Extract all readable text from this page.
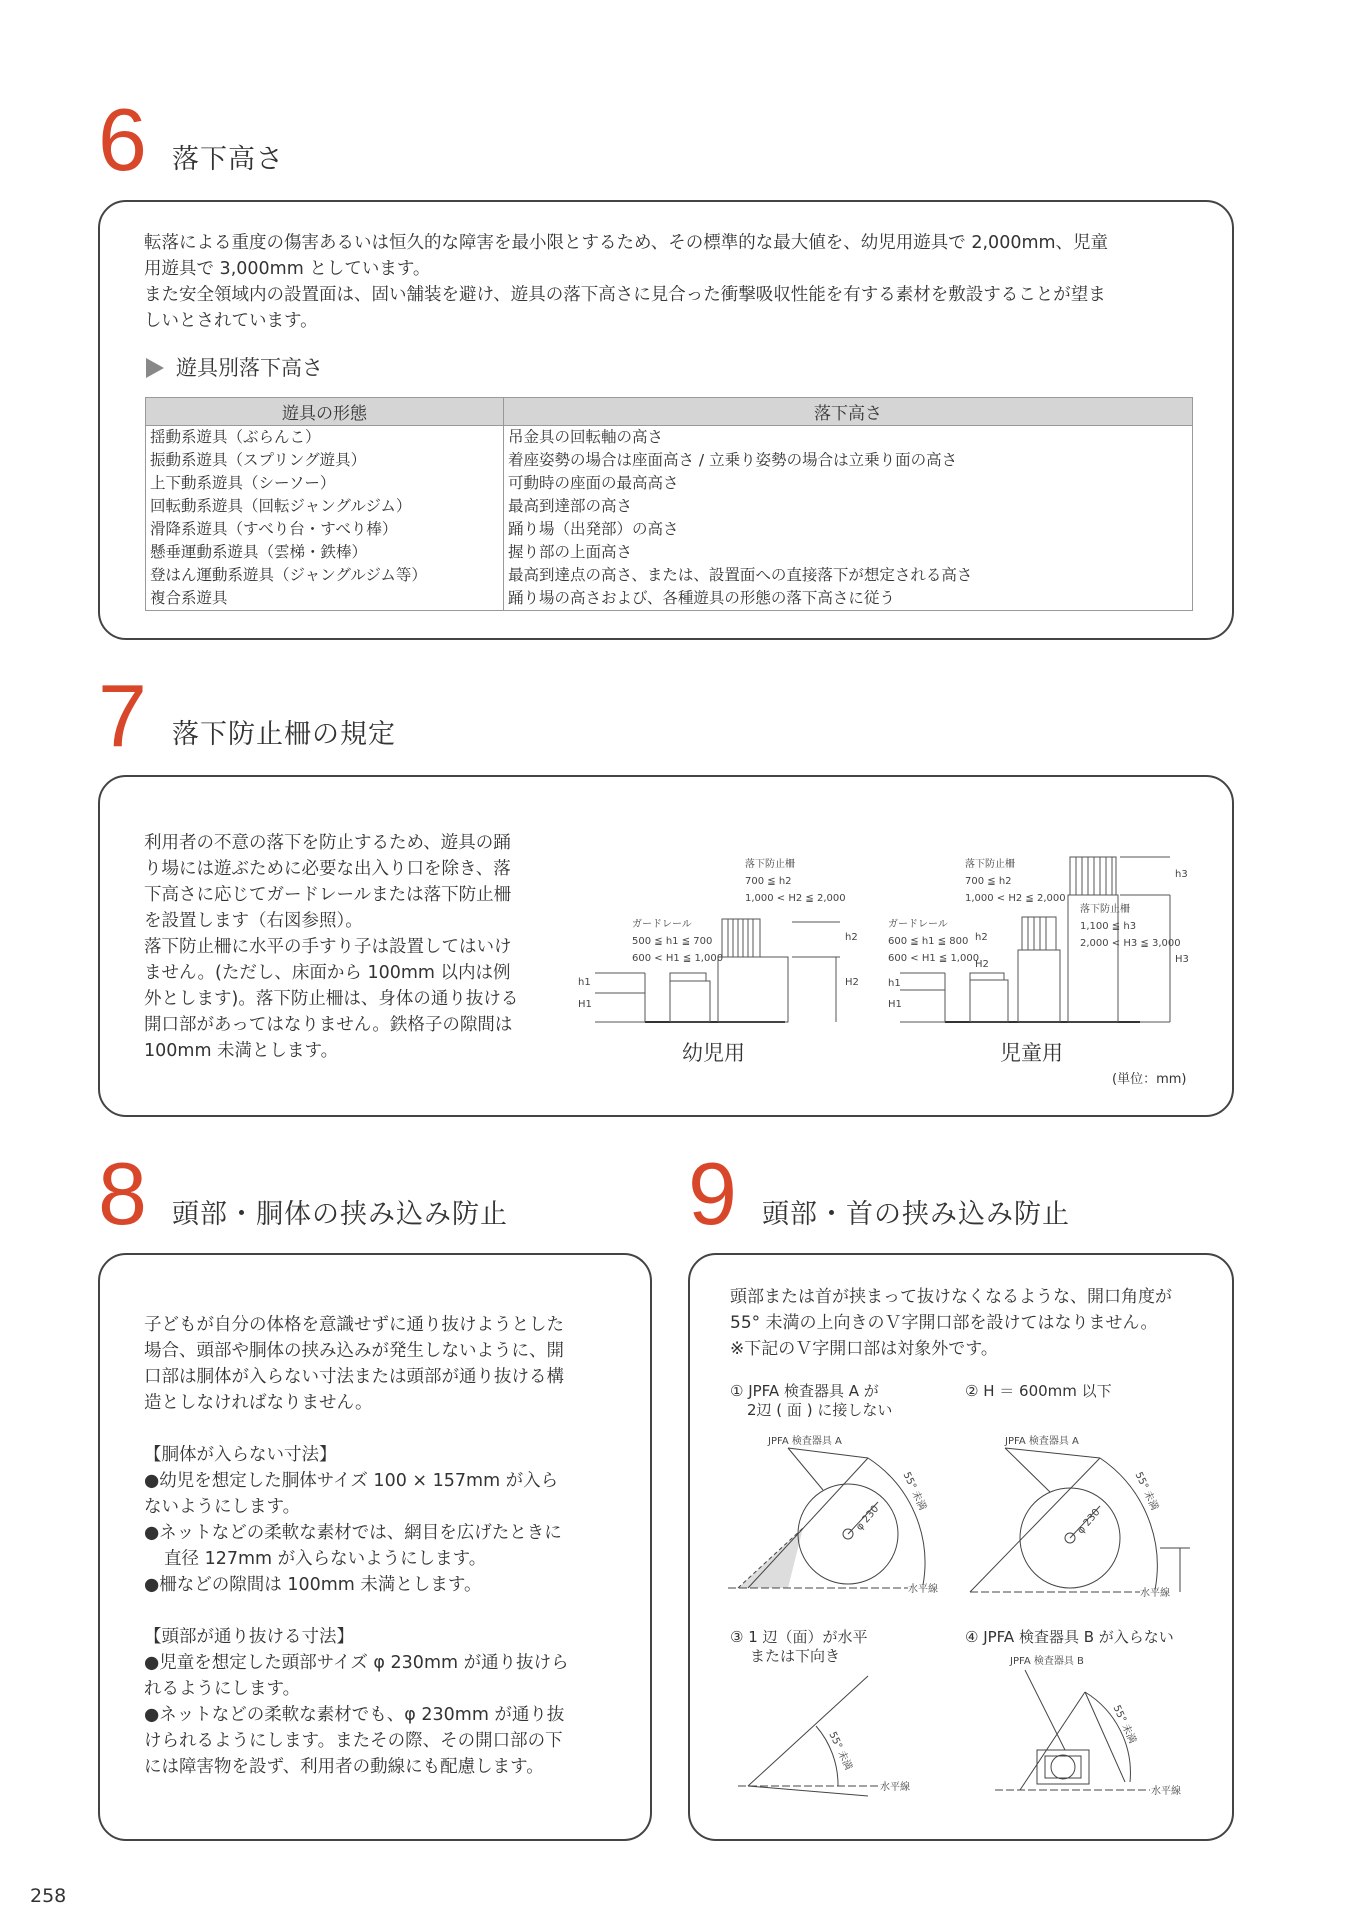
6 落下高さ
転落による重度の傷害あるいは恒久的な障害を最小限とするため、その標準的な最大値を、幼児用遊具で 2,000mm、児童
用遊具で 3,000mm としています。
また安全領域内の設置面は、固い舗装を避け、遊具の落下高さに見合った衝撃吸収性能を有する素材を敷設することが望ま
しいとされています。
遊具別落下高さ
遊具の形態	落下高さ
揺動系遊具（ぶらんこ）	吊金具の回転軸の高さ
振動系遊具（スプリング遊具）	着座姿勢の場合は座面高さ / 立乗り姿勢の場合は立乗り面の高さ
上下動系遊具（シーソー）	可動時の座面の最高高さ
回転動系遊具（回転ジャングルジム）	最高到達部の高さ
滑降系遊具（すべり台・すべり棒）	踊り場（出発部）の高さ
懸垂運動系遊具（雲梯・鉄棒）	握り部の上面高さ
登はん運動系遊具（ジャングルジム等）	最高到達点の高さ、または、設置面への直接落下が想定される高さ
複合系遊具	踊り場の高さおよび、各種遊具の形態の落下高さに従う
7 落下防止柵の規定
利用者の不意の落下を防止するため、遊具の踊
り場には遊ぶために必要な出入り口を除き、落
下高さに応じてガードレールまたは落下防止柵
を設置します（右図参照）。
落下防止柵に水平の手すり子は設置してはいけ
ません。(ただし、床面から 100mm 以内は例
外とします)。落下防止柵は、身体の通り抜ける
開口部があってはなりません。鉄格子の隙間は
100mm 未満とします。
落下防止柵
700 ≦ h2
1,000 < H2 ≦ 2,000
ガードレール
500 ≦ h1 ≦ 700
600 < H1 ≦ 1,000
h1
H1
h2
H2
落下防止柵
700 ≦ h2
1,000 < H2 ≦ 2,000
落下防止柵
1,100 ≦ h3
2,000 < H3 ≦ 3,000
ガードレール
600 ≦ h1 ≦ 800
600 < H1 ≦ 1,000
h1
H1
h2
H2
h3
H3
幼児用	児童用
(単位：mm)
8 頭部・胴体の挟み込み防止
子どもが自分の体格を意識せずに通り抜けようとした
場合、頭部や胴体の挟み込みが発生しないように、開
口部は胴体が入らない寸法または頭部が通り抜ける構
造としなければなりません。
【胴体が入らない寸法】
●幼児を想定した胴体サイズ 100 × 157mm が入ら
ないようにします。
●ネットなどの柔軟な素材では、網目を広げたときに
直径 127mm が入らないようにします。
●柵などの隙間は 100mm 未満とします。
【頭部が通り抜ける寸法】
●児童を想定した頭部サイズ φ 230mm が通り抜けら
れるようにします。
●ネットなどの柔軟な素材でも、φ 230mm が通り抜
けられるようにします。またその際、その開口部の下
には障害物を設ず、利用者の動線にも配慮します。
9 頭部・首の挟み込み防止
頭部または首が挟まって抜けなくなるような、開口角度が
55° 未満の上向きのＶ字開口部を設けてはなりません。
※下記のＶ字開口部は対象外です。
① JPFA 検査器具 A が
2辺 ( 面 ) に接しない
② H ＝ 600mm 以下
③ 1 辺（面）が水平
または下向き
④ JPFA 検査器具 B が入らない
JPFA 検査器具 A
φ 230
55° 未満
水平線
JPFA 検査器具 A
φ 230
55° 未満
水平線
55° 未満
水平線
JPFA 検査器具 B
55° 未満
水平線
258
